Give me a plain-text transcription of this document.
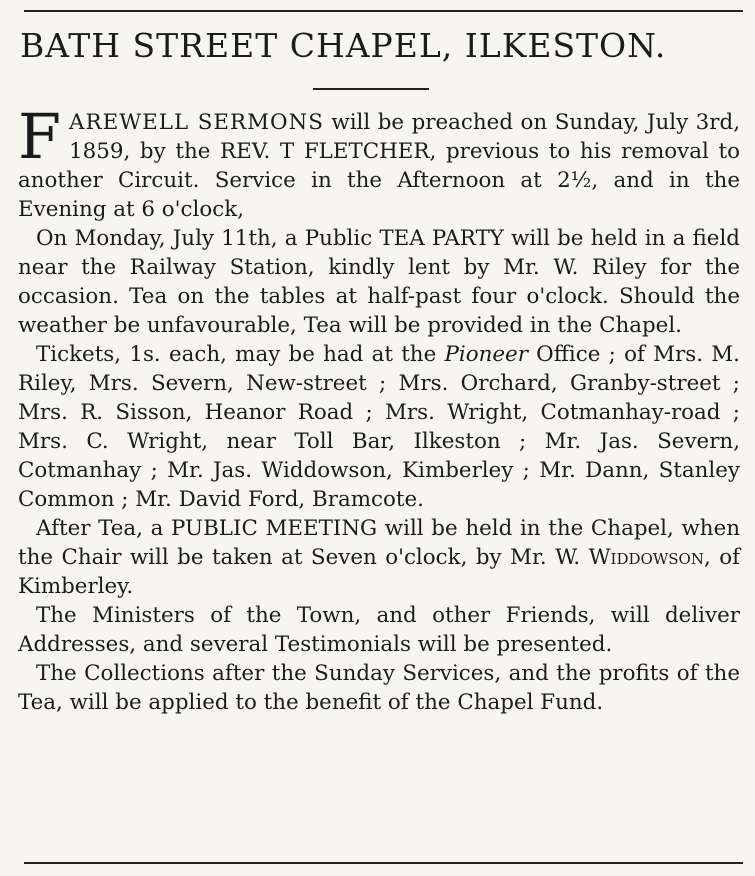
BATH STREET CHAPEL, ILKESTON.

FAREWELL SERMONS will be preached on Sunday, July 3rd, 1859, by the REV. T FLETCHER, previous to his removal to another Circuit. Service in the Afternoon at 2½, and in the Evening at 6 o'clock,

On Monday, July 11th, a Public TEA PARTY will be held in a field near the Railway Station, kindly lent by Mr. W. Riley for the occasion. Tea on the tables at half-past four o'clock. Should the weather be unfavourable, Tea will be provided in the Chapel.

Tickets, 1s. each, may be had at the Pioneer Office ; of Mrs. M. Riley, Mrs. Severn, New-street ; Mrs. Orchard, Granby-street ; Mrs. R. Sisson, Heanor Road ; Mrs. Wright, Cotmanhay-road ; Mrs. C. Wright, near Toll Bar, Ilkeston ; Mr. Jas. Severn, Cotmanhay ; Mr. Jas. Widdowson, Kimberley ; Mr. Dann, Stanley Common ; Mr. David Ford, Bramcote.

After Tea, a PUBLIC MEETING will be held in the Chapel, when the Chair will be taken at Seven o'clock, by Mr. W. Widdowson, of Kimberley.

The Ministers of the Town, and other Friends, will deliver Addresses, and several Testimonials will be presented.

The Collections after the Sunday Services, and the profits of the Tea, will be applied to the benefit of the Chapel Fund.
